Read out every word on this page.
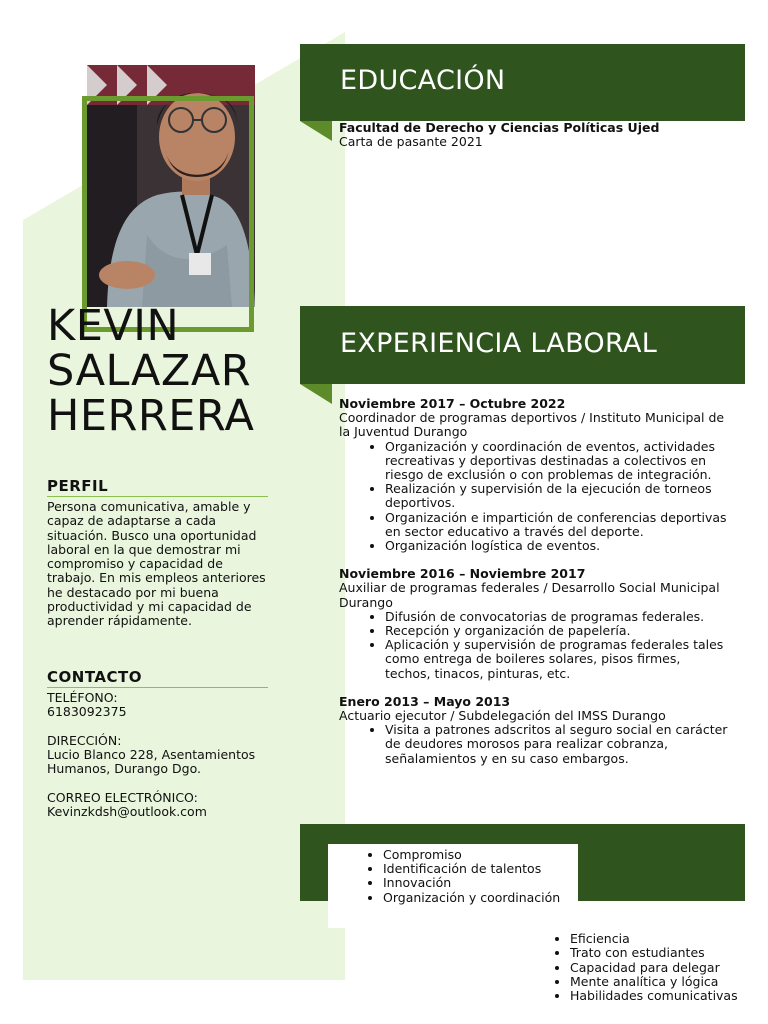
KEVIN
SALAZAR
HERRERA
PERFIL

Persona comunicativa, amable y capaz de adaptarse a cada situación. Busco una oportunidad laboral en la que demostrar mi compromiso y capacidad de trabajo. En mis empleos anteriores he destacado por mi buena productividad y mi capacidad de aprender rápidamente.

CONTACTO

TELÉFONO:

6183092375

DIRECCIÓN:

Lucio Blanco 228, Asentamientos Humanos, Durango Dgo.

CORREO ELECTRÓNICO:

Kevinzkdsh@outlook.com

EDUCACIÓN
Facultad de Derecho y Ciencias Políticas Ujed
Carta de pasante 2021
EXPERIENCIA LABORAL
Noviembre 2017 – Octubre 2022
Coordinador de programas deportivos / Instituto Municipal de la Juventud Durango
• Organización y coordinación de eventos, actividades recreativas y deportivas destinadas a colectivos en riesgo de exclusión o con problemas de integración.
• Realización y supervisión de la ejecución de torneos deportivos.
• Organización e impartición de conferencias deportivas en sector educativo a través del deporte.
• Organización logística de eventos.
Noviembre 2016 – Noviembre 2017
Auxiliar de programas federales / Desarrollo Social Municipal Durango
• Difusión de convocatorias de programas federales.
• Recepción y organización de papelería.
• Aplicación y supervisión de programas federales tales como entrega de boileres solares, pisos firmes, techos, tinacos, pinturas, etc.
Enero 2013 – Mayo 2013
Actuario ejecutor / Subdelegación del IMSS Durango
• Visita a patrones adscritos al seguro social en carácter de deudores morosos para realizar cobranza, señalamientos y en su caso embargos.
• Compromiso
• Identificación de talentos
• Innovación
• Organización y coordinación
• Eficiencia
• Trato con estudiantes
• Capacidad para delegar
• Mente analítica y lógica
• Habilidades comunicativas
